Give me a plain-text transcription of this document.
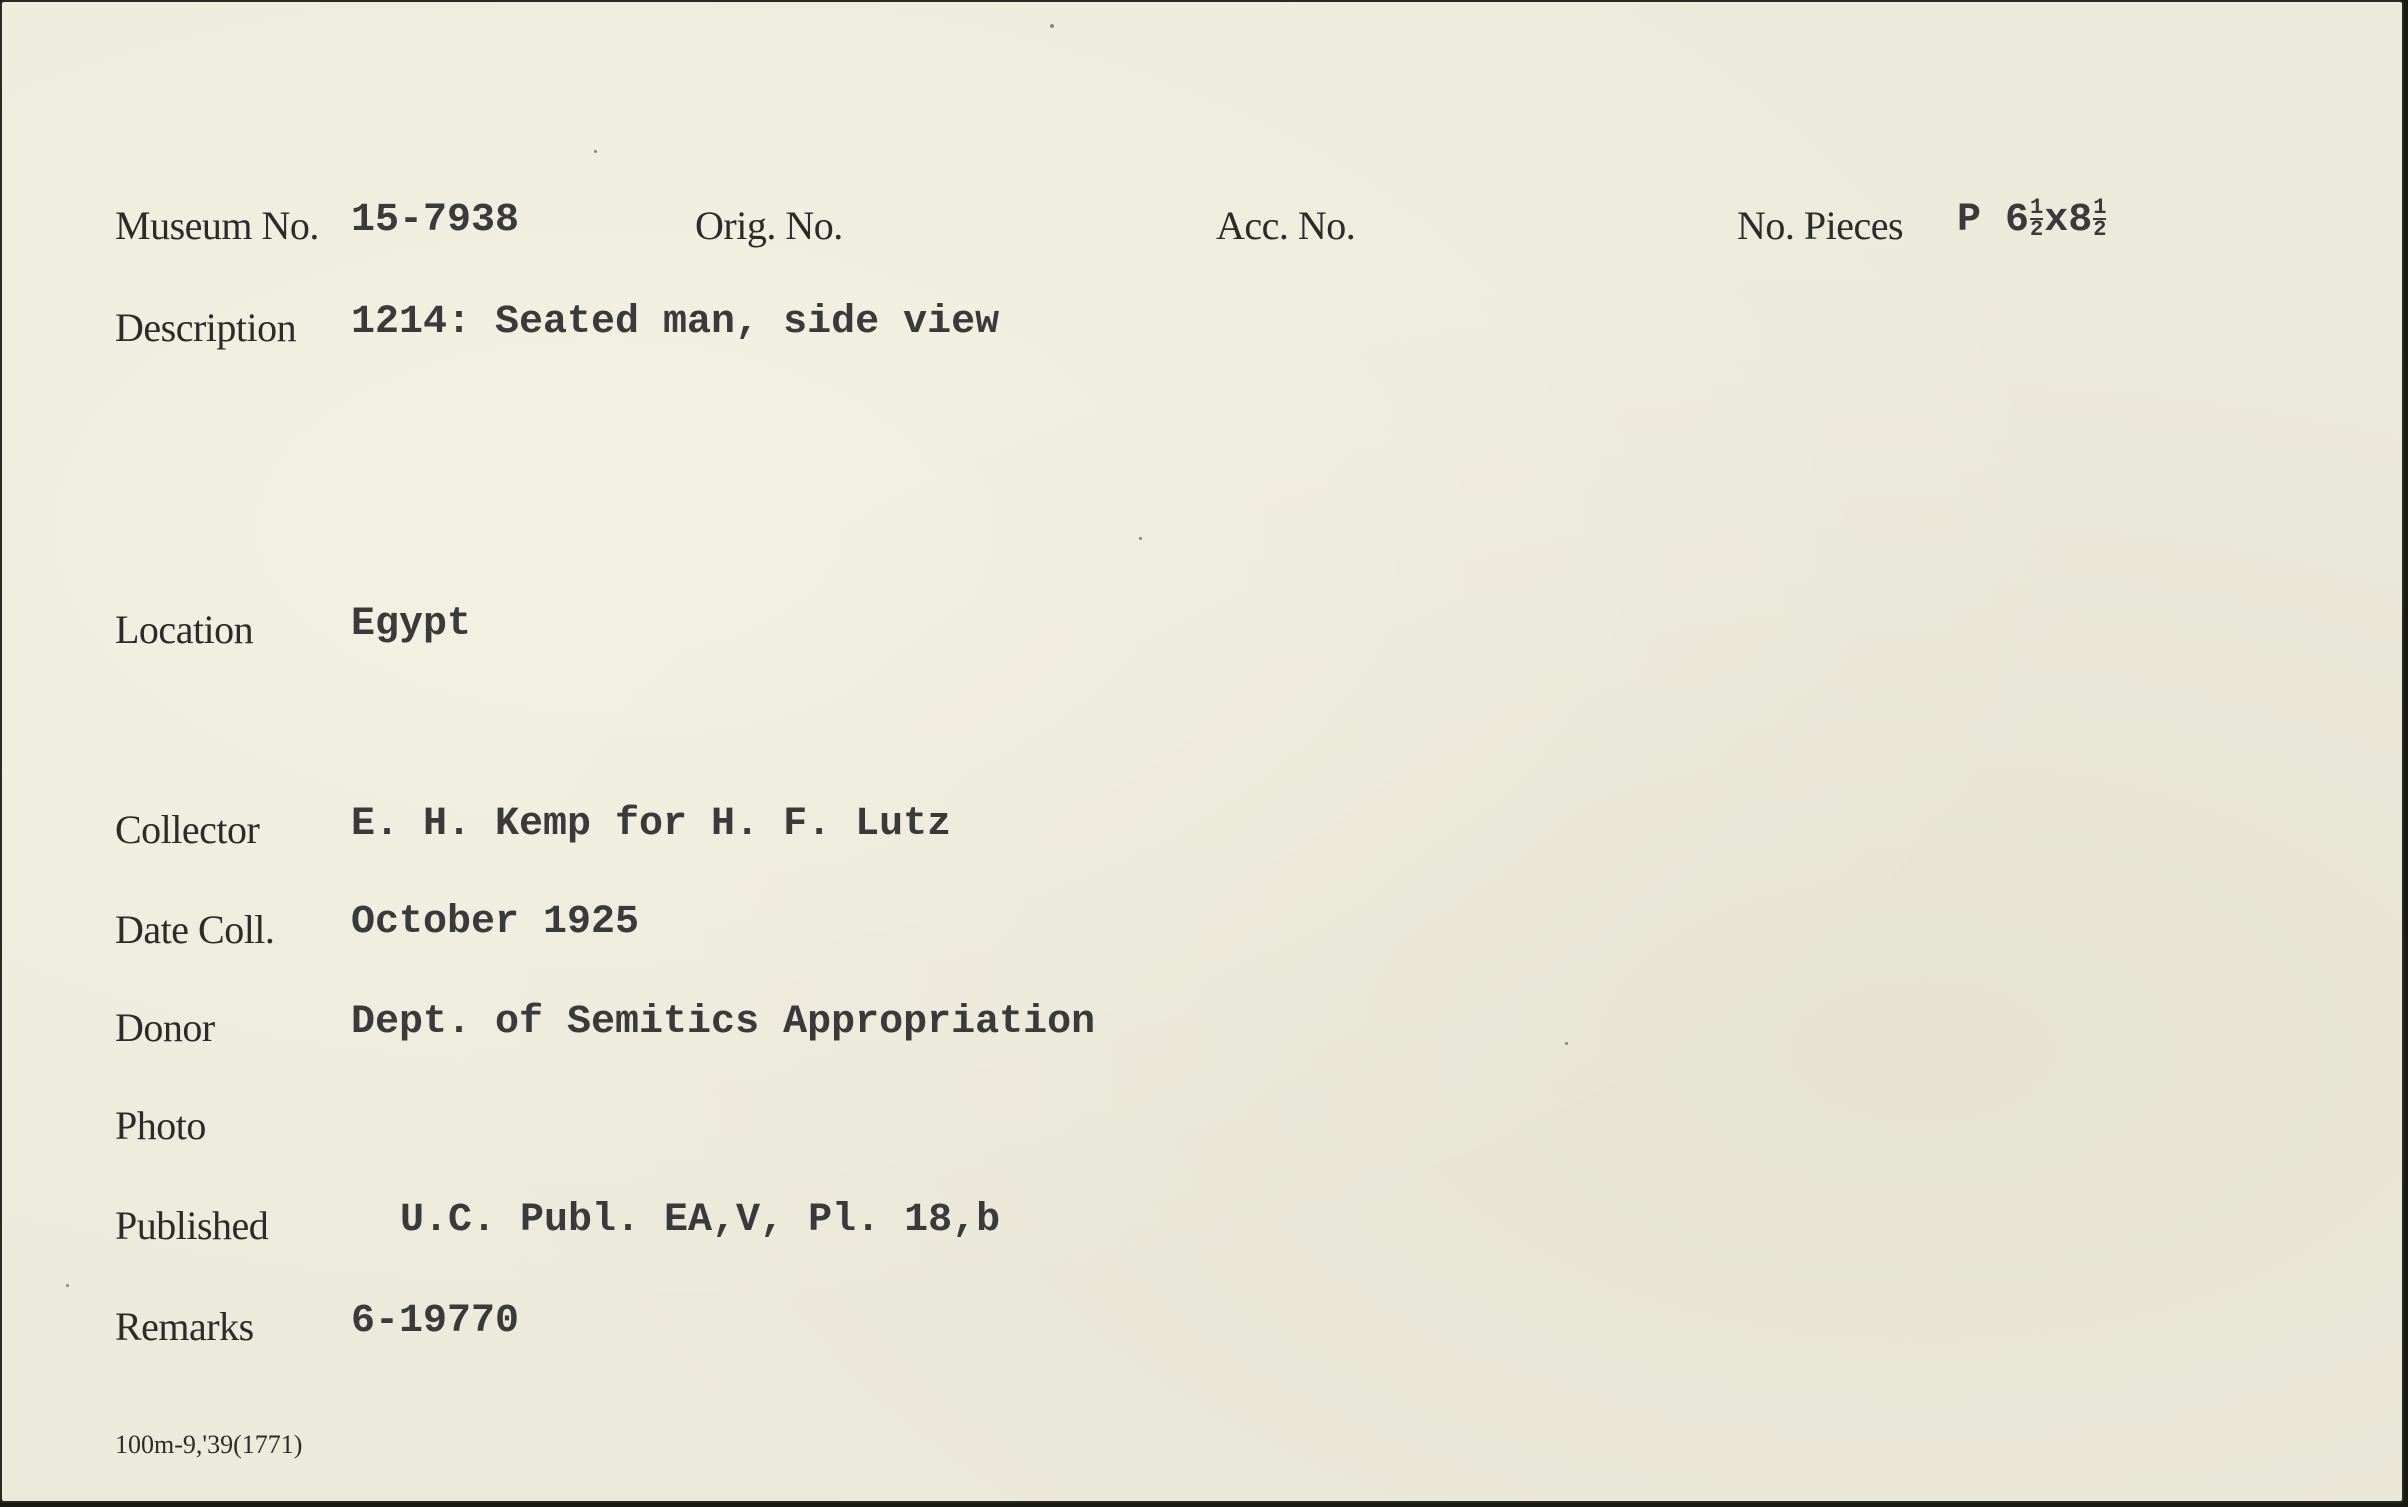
Museum No. 15-7938	Orig. No.	Acc. No.	No. Pieces P $6 \frac{1}{2} x8 \frac{1}{2}$
Description 1214: Seated man, side view
Location Egypt
Collector E. H. Kemp for H. F. Lutz
Date Coll. October 1925
Donor	Dept. of Semitics Appropriation
Photo
Published	U.C. Publ. EA,V, Pl. 18,b
Remarks 6-19770
100m-9,'39(1771)
